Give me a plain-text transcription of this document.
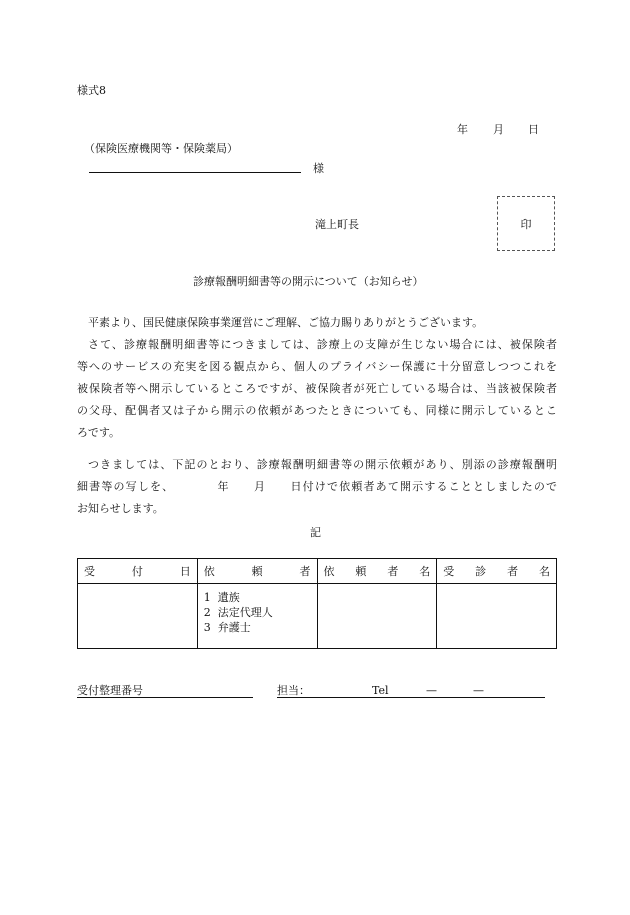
様式8
年 月 日
（保険医療機関等・保険薬局）
様
滝上町長	印
診療報酬明細書等の開示について（お知らせ）
平素より、国民健康保険事業運営にご理解、ご協力賜りありがとうございます。
さて、診療報酬明細書等につきましては、診療上の支障が生じない場合には、被保険者
等へのサービスの充実を図る観点から、個人のプライバシー保護に十分留意しつつこれを
被保険者等へ開示しているところですが、被保険者が死亡している場合は、当該被保険者
の父母、配偶者又は子から開示の依頼があつたときについても、同様に開示しているとこ
ろです。
つきましては、下記のとおり、診療報酬明細書等の開示依頼があり、別添の診療報酬明
細書等の写しを、　　　　年　　月　　日付けで依頼者あて開示することとしましたので
お知らせします。
記
受 付 日	依 頼 者	依 頼 者 名	受 診 者 名

	1 遺族
2 法定代理人
3 弁護士		

受付整理番号	担当：	Tel	—	—
